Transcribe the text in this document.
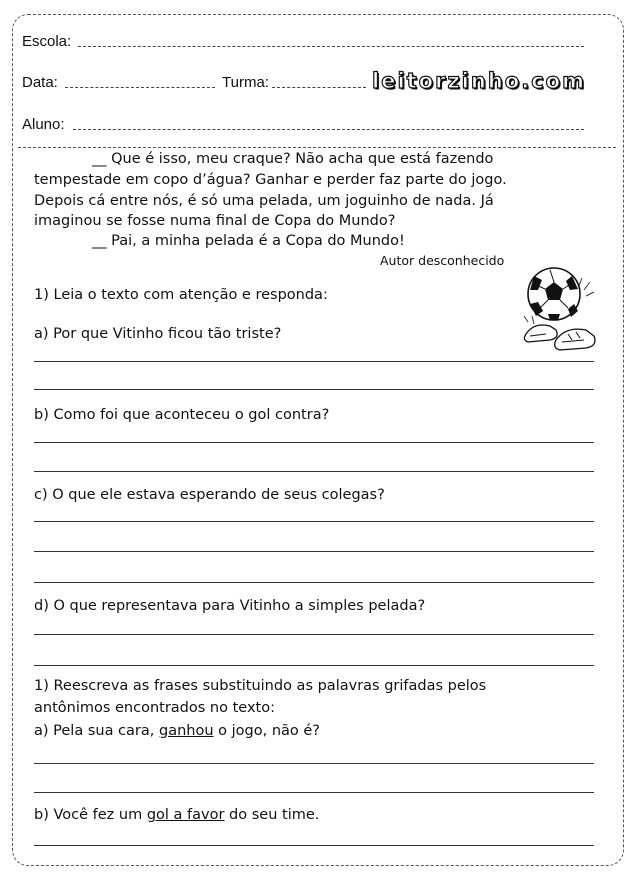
Escola:
Data:	Turma:	leitorzinho.com
Aluno:
__ Que é isso, meu craque? Não acha que está fazendo
tempestade em copo d’água? Ganhar e perder faz parte do jogo.
Depois cá entre nós, é só uma pelada, um joguinho de nada. Já
imaginou se fosse numa final de Copa do Mundo?
__ Pai, a minha pelada é a Copa do Mundo!
Autor desconhecido
1) Leia o texto com atenção e responda:
a) Por que Vitinho ficou tão triste?
b) Como foi que aconteceu o gol contra?
c) O que ele estava esperando de seus colegas?
d) O que representava para Vitinho a simples pelada?
1) Reescreva as frases substituindo as palavras grifadas pelos
antônimos encontrados no texto:
a) Pela sua cara, ganhou o jogo, não é?
b) Você fez um gol a favor do seu time.
